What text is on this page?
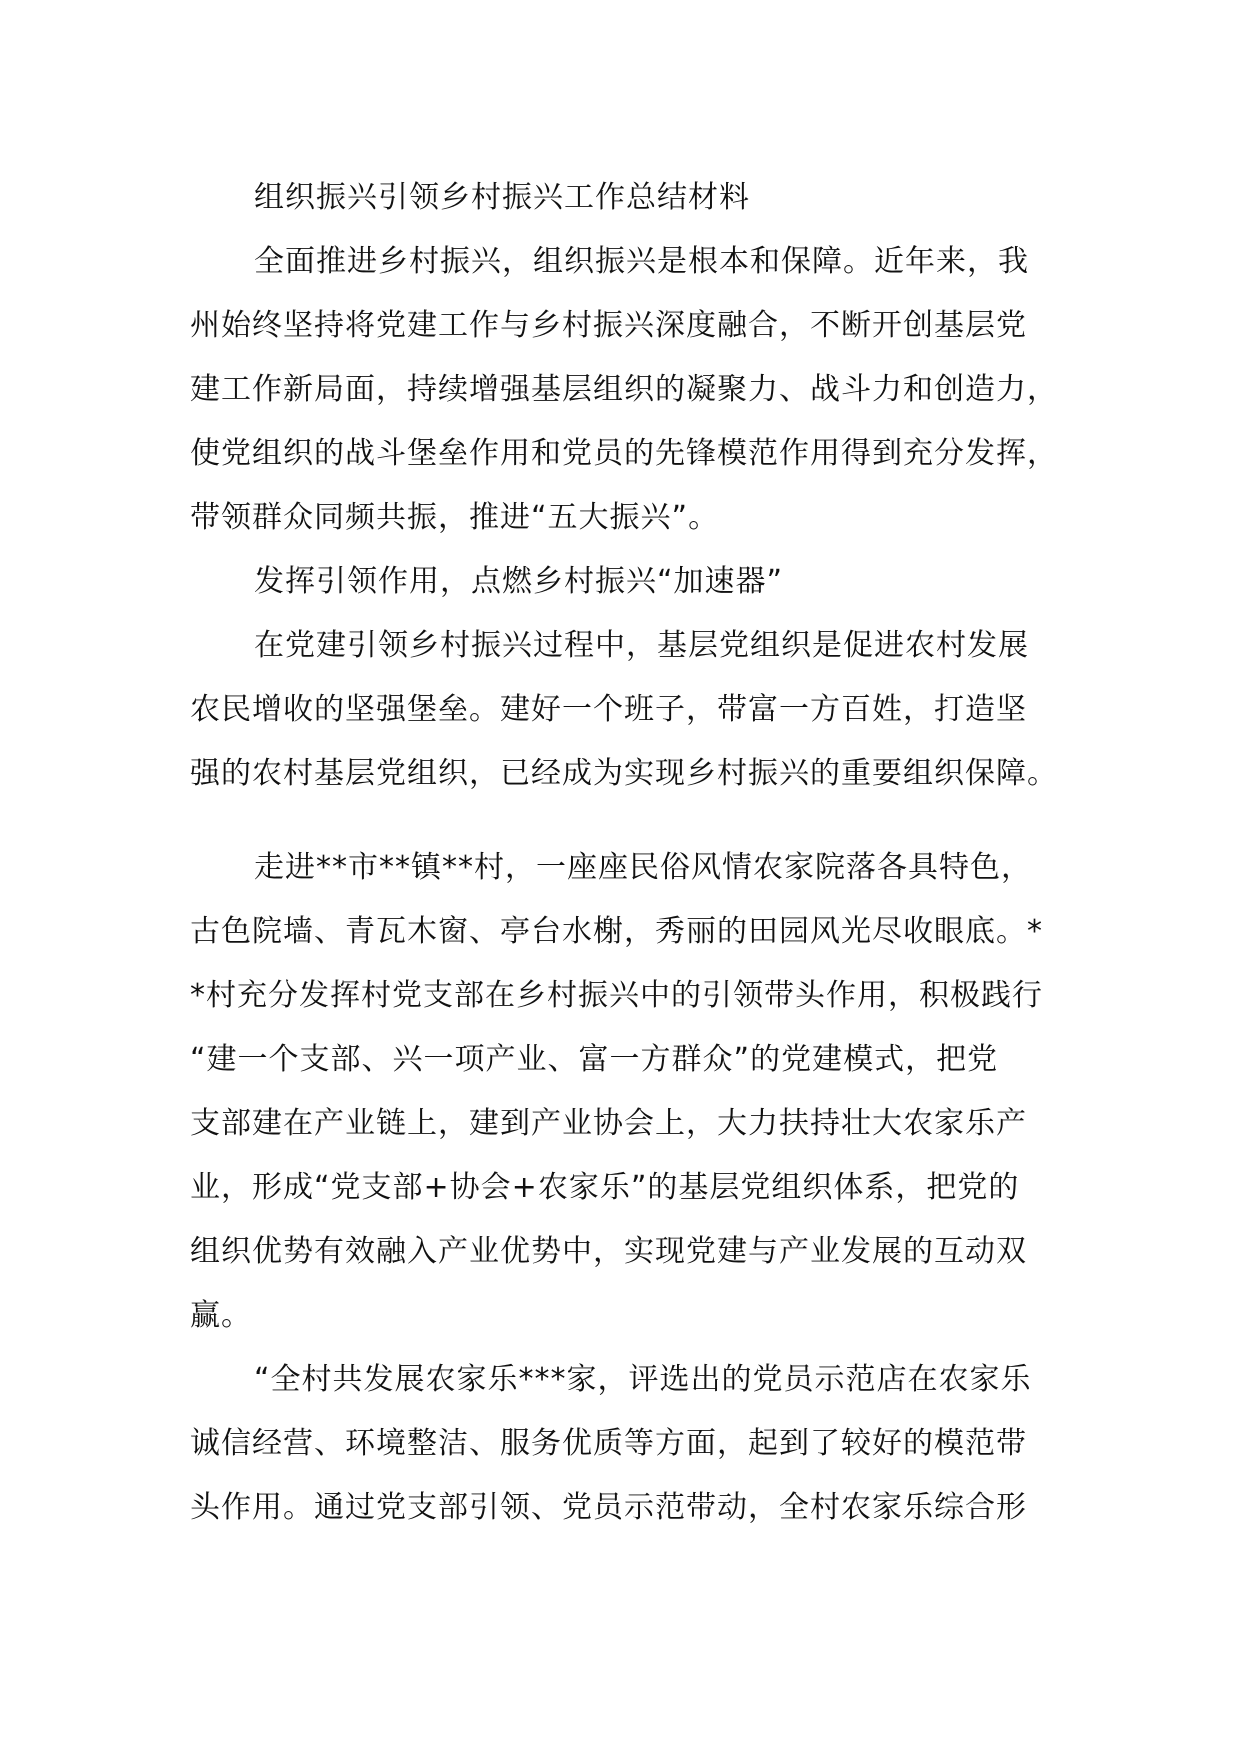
组织振兴引领乡村振兴工作总结材料
全面推进乡村振兴，组织振兴是根本和保障。近年来，我
州始终坚持将党建工作与乡村振兴深度融合，不断开创基层党
建工作新局面，持续增强基层组织的凝聚力、战斗力和创造力，
使党组织的战斗堡垒作用和党员的先锋模范作用得到充分发挥，
带领群众同频共振，推进“五大振兴”。
发挥引领作用，点燃乡村振兴“加速器”
在党建引领乡村振兴过程中，基层党组织是促进农村发展
农民增收的坚强堡垒。建好一个班子，带富一方百姓，打造坚
强的农村基层党组织，已经成为实现乡村振兴的重要组织保障。
走进**市**镇**村，一座座民俗风情农家院落各具特色，
古色院墙、青瓦木窗、亭台水榭，秀丽的田园风光尽收眼底。*
*村充分发挥村党支部在乡村振兴中的引领带头作用，积极践行
“建一个支部、兴一项产业、富一方群众”的党建模式，把党
支部建在产业链上，建到产业协会上，大力扶持壮大农家乐产
业，形成“党支部+协会+农家乐”的基层党组织体系，把党的
组织优势有效融入产业优势中，实现党建与产业发展的互动双
赢。
“全村共发展农家乐***家，评选出的党员示范店在农家乐
诚信经营、环境整洁、服务优质等方面，起到了较好的模范带
头作用。通过党支部引领、党员示范带动，全村农家乐综合形
